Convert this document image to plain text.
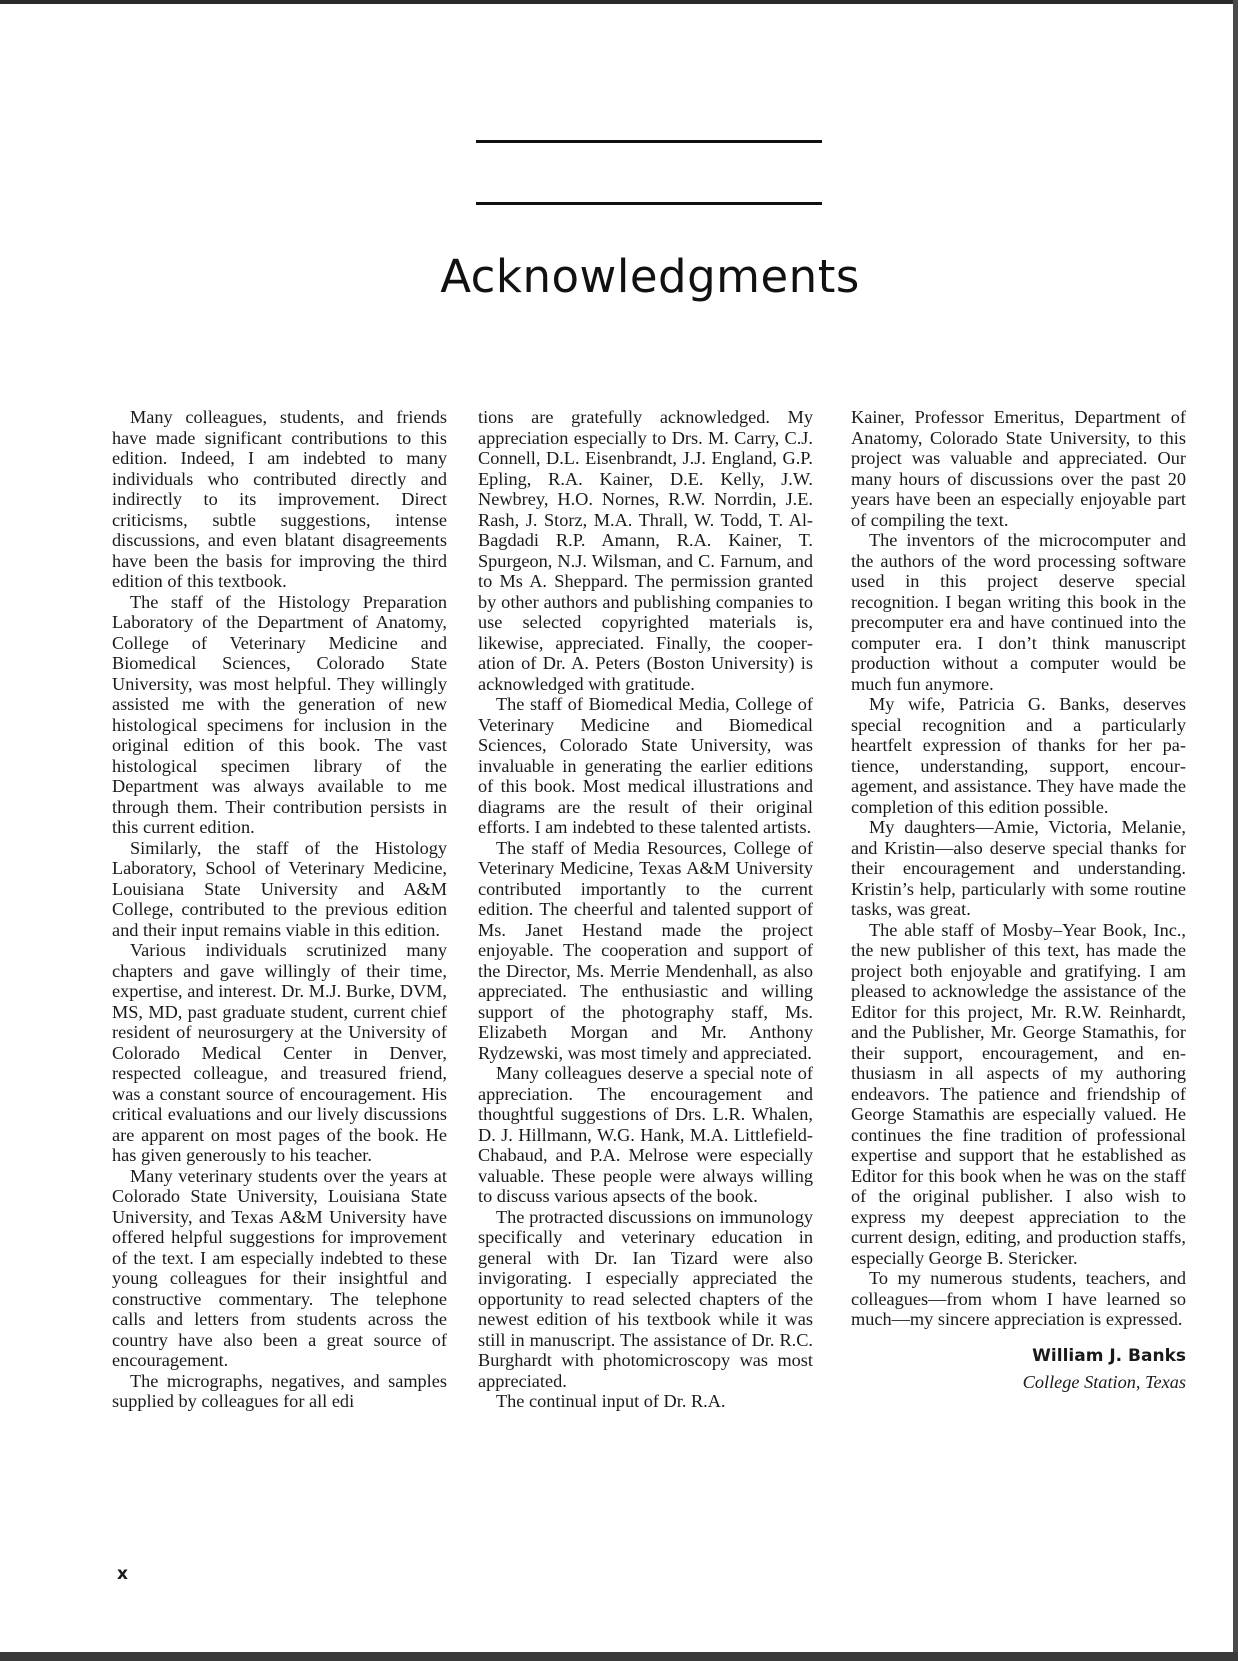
Acknowledgments

Many colleagues, students, and friends have made significant contributions to this edition. Indeed, I am indebted to many individuals who contributed directly and indirectly to its improvement. Direct criticisms, subtle suggestions, intense discussions, and even blatant disagreements have been the basis for improving the third edition of this textbook.

The staff of the Histology Preparation Laboratory of the Department of Anatomy, College of Veterinary Medicine and Biomedical Sciences, Colorado State University, was most helpful. They willingly assisted me with the generation of new histological specimens for inclusion in the original edition of this book. The vast histological specimen library of the Department was always available to me through them. Their contribution persists in this current edition.

Similarly, the staff of the Histology Laboratory, School of Veterinary Medicine, Louisiana State University and A&M College, contributed to the previous edition and their input remains viable in this edition.

Various individuals scrutinized many chapters and gave willingly of their time, expertise, and interest. Dr. M.J. Burke, DVM, MS, MD, past graduate student, current chief resident of neurosurgery at the University of Colorado Medical Center in Denver, respected colleague, and treasured friend, was a constant source of encouragement. His critical evaluations and our lively discussions are apparent on most pages of the book. He has given generously to his teacher.

Many veterinary students over the years at Colorado State University, Louisiana State University, and Texas A&M University have offered helpful suggestions for improvement of the text. I am especially indebted to these young colleagues for their insightful and constructive commentary. The telephone calls and letters from students across the country have also been a great source of encouragement.

The micrographs, negatives, and samples supplied by colleagues for all edi

tions are gratefully acknowledged. My appreciation especially to Drs. M. Carry, C.J. Connell, D.L. Eisenbrandt, J.J. England, G.P. Epling, R.A. Kainer, D.E. Kelly, J.W. Newbrey, H.O. Nornes, R.W. Norrdin, J.E. Rash, J. Storz, M.A. Thrall, W. Todd, T. Al-Bagdadi R.P. Amann, R.A. Kainer, T. Spurgeon, N.J. Wilsman, and C. Farnum, and to Ms A. Sheppard. The permission granted by other authors and publishing companies to use selected copyrighted materials is, likewise, appreciated. Finally, the cooperation of Dr. A. Peters (Boston University) is acknowledged with gratitude.

The staff of Biomedical Media, College of Veterinary Medicine and Biomedical Sciences, Colorado State University, was invaluable in generating the earlier editions of this book. Most medical illustrations and diagrams are the result of their original efforts. I am indebted to these talented artists.

The staff of Media Resources, College of Veterinary Medicine, Texas A&M University contributed importantly to the current edition. The cheerful and talented support of Ms. Janet Hestand made the project enjoyable. The cooperation and support of the Director, Ms. Merrie Mendenhall, as also appreciated. The enthusiastic and willing support of the photography staff, Ms. Elizabeth Morgan and Mr. Anthony Rydzewski, was most timely and appreciated.

Many colleagues deserve a special note of appreciation. The encouragement and thoughtful suggestions of Drs. L.R. Whalen, D. J. Hillmann, W.G. Hank, M.A. Littlefield-Chabaud, and P.A. Melrose were especially valuable. These people were always willing to discuss various apsects of the book.

The protracted discussions on immunology specifically and veterinary education in general with Dr. Ian Tizard were also invigorating. I especially appreciated the opportunity to read selected chapters of the newest edition of his textbook while it was still in manuscript. The assistance of Dr. R.C. Burghardt with photomicroscopy was most appreciated.

The continual input of Dr. R.A.

Kainer, Professor Emeritus, Department of Anatomy, Colorado State University, to this project was valuable and appreciated. Our many hours of discussions over the past 20 years have been an especially enjoyable part of compiling the text.

The inventors of the microcomputer and the authors of the word processing software used in this project deserve special recognition. I began writing this book in the precomputer era and have continued into the computer era. I don’t think manuscript production without a computer would be much fun anymore.

My wife, Patricia G. Banks, deserves special recognition and a particularly heartfelt expression of thanks for her patience, understanding, support, encouragement, and assistance. They have made the completion of this edition possible.

My daughters—Amie, Victoria, Melanie, and Kristin—also deserve special thanks for their encouragement and understanding. Kristin’s help, particularly with some routine tasks, was great.

The able staff of Mosby–Year Book, Inc., the new publisher of this text, has made the project both enjoyable and gratifying. I am pleased to acknowledge the assistance of the Editor for this project, Mr. R.W. Reinhardt, and the Publisher, Mr. George Stamathis, for their support, encouragement, and enthusiasm in all aspects of my authoring endeavors. The patience and friendship of George Stamathis are especially valued. He continues the fine tradition of professional expertise and support that he established as Editor for this book when he was on the staff of the original publisher. I also wish to express my deepest appreciation to the current design, editing, and production staffs, especially George B. Stericker.

To my numerous students, teachers, and colleagues—from whom I have learned so much—my sincere appreciation is expressed.

William J. Banks
College Station, Texas
x
